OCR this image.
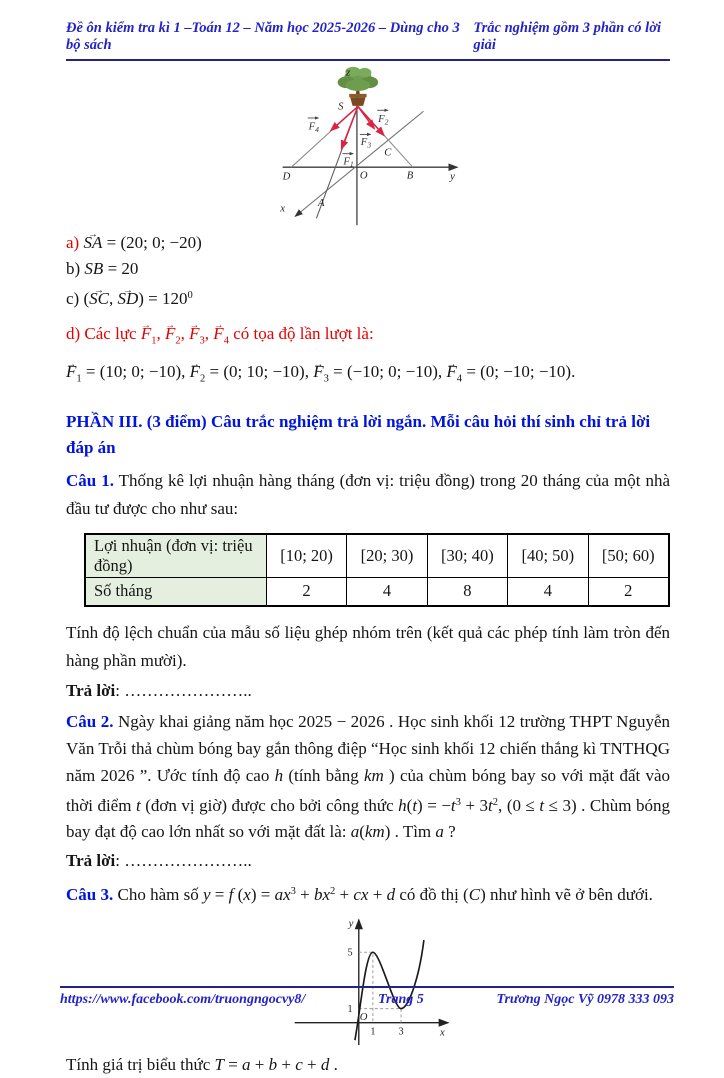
Đề ôn kiểm tra kì 1 –Toán 12 – Năm học 2025-2026 – Dùng cho 3 bộ sách
Trắc nghiệm gồm 3 phần có lời giải
z
y
x
S
D	O	B
C
A
$F_4$
$F_1$
$F_3$
$F_2$

a) SA → = (20; 0; −20)

b) SB = 20

c) (SC →, SD →) = $120^0$

d) Các lực $F \to_1$, $F \to_2$, $F \to_3$, $F \to_4$ có tọa độ lần lượt là:

$F \to_1 = (10$; 0; −10), $F \to_2 = (0$; 10; −10), $F \to_3 = (-10$; 0; −10), $F \to_4 = (0$; −10; −10).

PHẦN III. (3 điểm) Câu trắc nghiệm trả lời ngắn. Mỗi câu hỏi thí sinh chỉ trả lời đáp án

Câu 1. Thống kê lợi nhuận hàng tháng (đơn vị: triệu đồng) trong 20 tháng của một nhà đầu tư được cho như sau:

Lợi nhuận (đơn vị: triệu đồng)	[10; 20)	[20; 30)	[30; 40)	[40; 50)	[50; 60)
Số tháng	2	4	8	4	2

Tính độ lệch chuẩn của mẫu số liệu ghép nhóm trên (kết quả các phép tính làm tròn đến hàng phần mười).

Trả lời: …………………..

Câu 2. Ngày khai giảng năm học 2025 − 2026 . Học sinh khối 12 trường THPT Nguyễn Văn Trỗi thả chùm bóng bay gắn thông điệp “Học sinh khối 12 chiến thắng kì TNTHQG năm 2026 ”. Ước tính độ cao h (tính bằng km ) của chùm bóng bay so với mặt đất vào thời điểm t (đơn vị giờ) được cho bởi công thức $h(t) = -t^3 + 3t^2$, (0 ≤ t ≤ 3) . Chùm bóng bay đạt độ cao lớn nhất so với mặt đất là: a(km) . Tìm a ?

Trả lời: …………………..

Câu 3. Cho hàm số y = f $(x) = ax^3 + bx^2$ + cx + d có đồ thị (C) như hình vẽ ở bên dưới.

y
x
O
5
1
1 3

Tính giá trị biểu thức T = a + b + c + d .

https://www.facebook.com/truongngocvy8/	Trang 5	Trương Ngọc Vỹ 0978 333 093
